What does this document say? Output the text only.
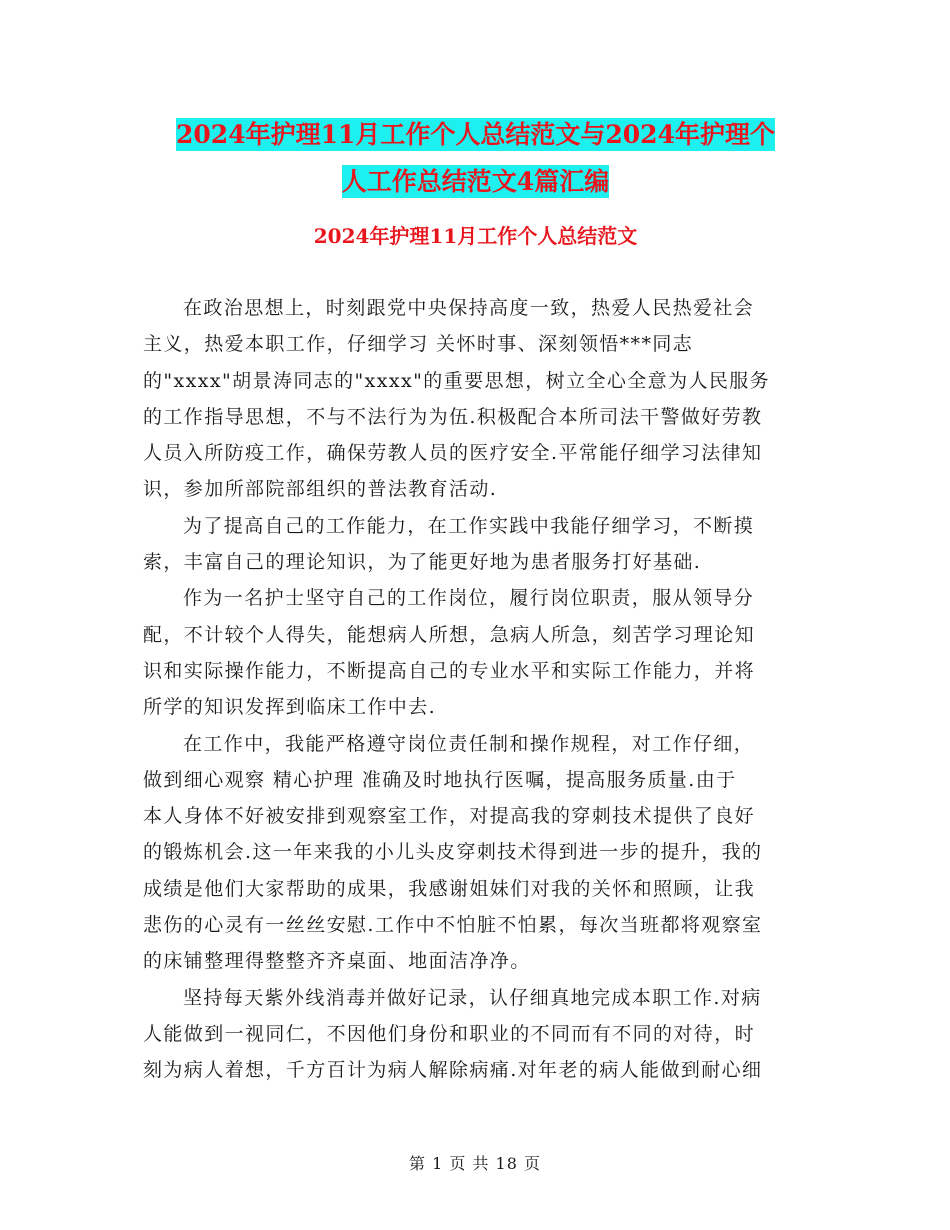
2024年护理11月工作个人总结范文与2024年护理个
人工作总结范文4篇汇编
2024年护理11月工作个人总结范文
在政治思想上，时刻跟党中央保持高度一致，热爱人民热爱社会
主义，热爱本职工作，仔细学习 关怀时事、深刻领悟***同志
的"xxxx"胡景涛同志的"xxxx"的重要思想，树立全心全意为人民服务
的工作指导思想，不与不法行为为伍.积极配合本所司法干警做好劳教
人员入所防疫工作，确保劳教人员的医疗安全.平常能仔细学习法律知
识，参加所部院部组织的普法教育活动.
为了提高自己的工作能力，在工作实践中我能仔细学习，不断摸
索，丰富自己的理论知识，为了能更好地为患者服务打好基础.
作为一名护士坚守自己的工作岗位，履行岗位职责，服从领导分
配，不计较个人得失，能想病人所想，急病人所急，刻苦学习理论知
识和实际操作能力，不断提高自己的专业水平和实际工作能力，并将
所学的知识发挥到临床工作中去.
在工作中，我能严格遵守岗位责任制和操作规程，对工作仔细，
做到细心观察 精心护理 准确及时地执行医嘱，提高服务质量.由于
本人身体不好被安排到观察室工作，对提高我的穿刺技术提供了良好
的锻炼机会.这一年来我的小儿头皮穿刺技术得到进一步的提升，我的
成绩是他们大家帮助的成果，我感谢姐妹们对我的关怀和照顾，让我
悲伤的心灵有一丝丝安慰.工作中不怕脏不怕累，每次当班都将观察室
的床铺整理得整整齐齐桌面、地面洁净净。
坚持每天紫外线消毒并做好记录，认仔细真地完成本职工作.对病
人能做到一视同仁，不因他们身份和职业的不同而有不同的对待，时
刻为病人着想，千方百计为病人解除病痛.对年老的病人能做到耐心细
第 1 页 共 18 页
